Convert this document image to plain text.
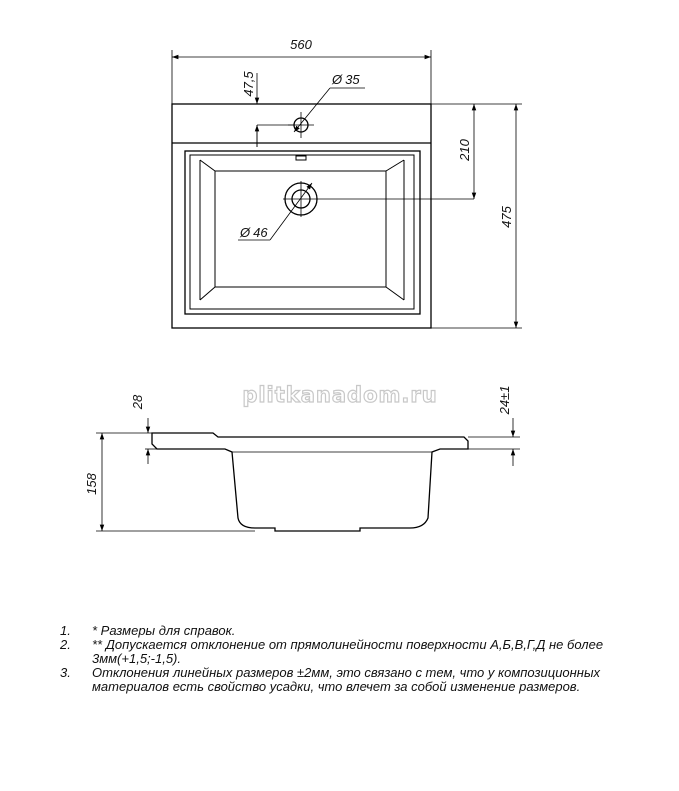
560
47,5	Ø 35
210
475
Ø 46
plitkanadom.ru
28
158
24±1
1.	* Размеры для справок.
2.	** Допускается отклонение от прямолинейности поверхности А,Б,В,Г,Д не более 3мм(+1,5;-1,5).
3.	Отклонения линейных размеров ±2мм, это связано с тем, что у композиционных материалов есть свойство усадки, что влечет за собой изменение размеров.
